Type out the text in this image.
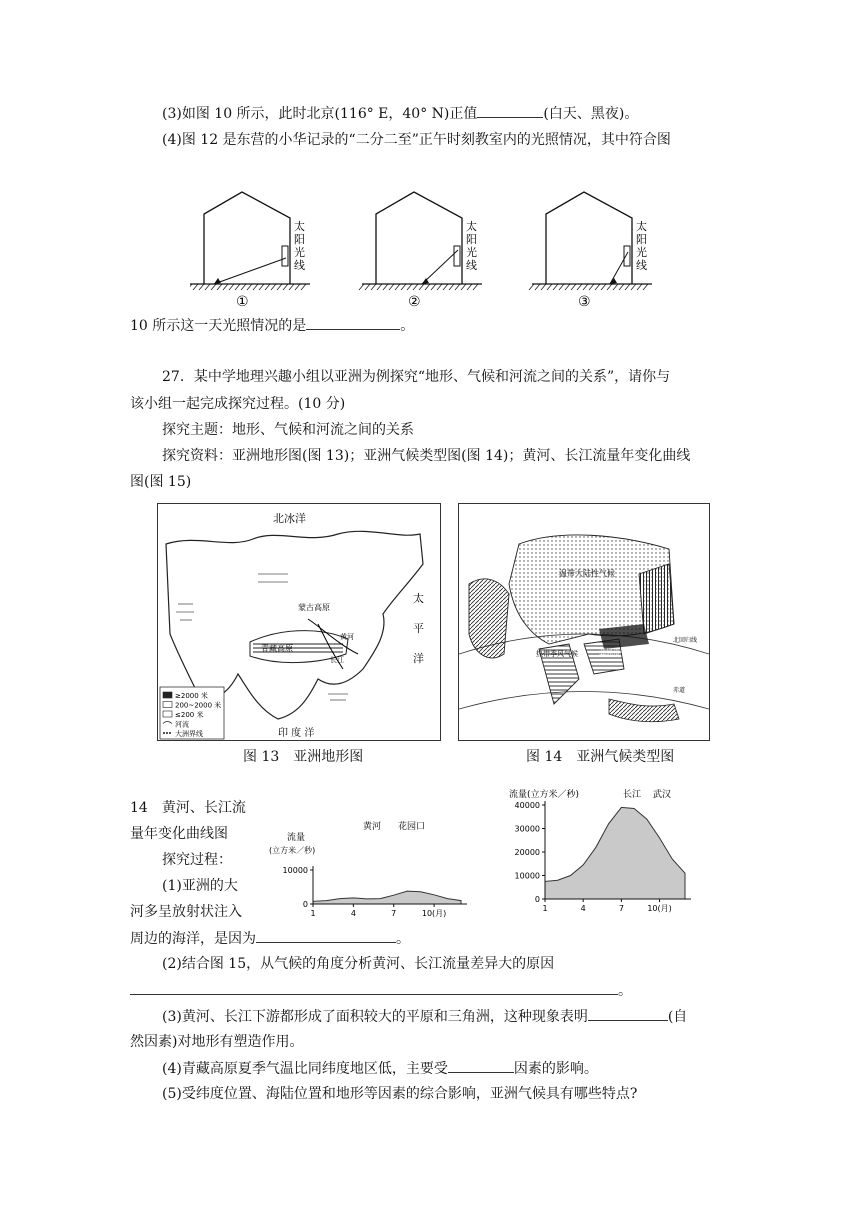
(3)如图 10 所示，此时北京(116° E，40° N)正值	(白天、黑夜)。
(4)图 12 是东营的小华记录的“二分二至”正午时刻教室内的光照情况，其中符合图
太
阳
光
线
①
太
阳
光
线
②
太
阳
光
线
③
10 所示这一天光照情况的是	。
27．某中学地理兴趣小组以亚洲为例探究“地形、气候和河流之间的关系”，请你与
该小组一起完成探究过程。(10 分)
探究主题：地形、气候和河流之间的关系
探究资料：亚洲地形图(图 13)；亚洲气候类型图(图 14)；黄河、长江流量年变化曲线
图(图 15)
北冰洋
太
平
洋
印 度 洋
蒙古高原
青藏高原
长江
黄河
≥2000 米
200~2000 米
≤200 米
河流
大洲界线
图 13　亚洲地形图
温带大陆性气候
热带季风气候	亚热带季风气候
北回归线
赤道
图 14　亚洲气候类型图
14　黄河、长江流
量年变化曲线图
探究过程：
(1)亚洲的大
河多呈放射状注入
周边的海洋，是因为	。
黄河 花园口
流量
(立方米／秒)
0
10000
1	4	7	10(月)
流量(立方米／秒)	长江 武汉
0
10000
20000
30000
40000
1	4	7	10(月)
(2)结合图 15，从气候的角度分析黄河、长江流量差异大的原因
。
(3)黄河、长江下游都形成了面积较大的平原和三角洲，这种现象表明	(自
然因素)对地形有塑造作用。
(4)青藏高原夏季气温比同纬度地区低，主要受	因素的影响。
(5)受纬度位置、海陆位置和地形等因素的综合影响，亚洲气候具有哪些特点?
